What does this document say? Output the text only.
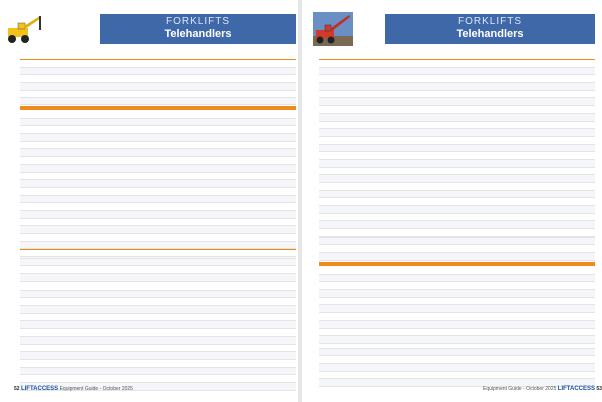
FORKLIFTS
Telehandlers
52 LIFTACCESS Equipment Guide - October 2025
FORKLIFTS
Telehandlers
Equipment Guide - October 2025 LIFTACCESS 53
